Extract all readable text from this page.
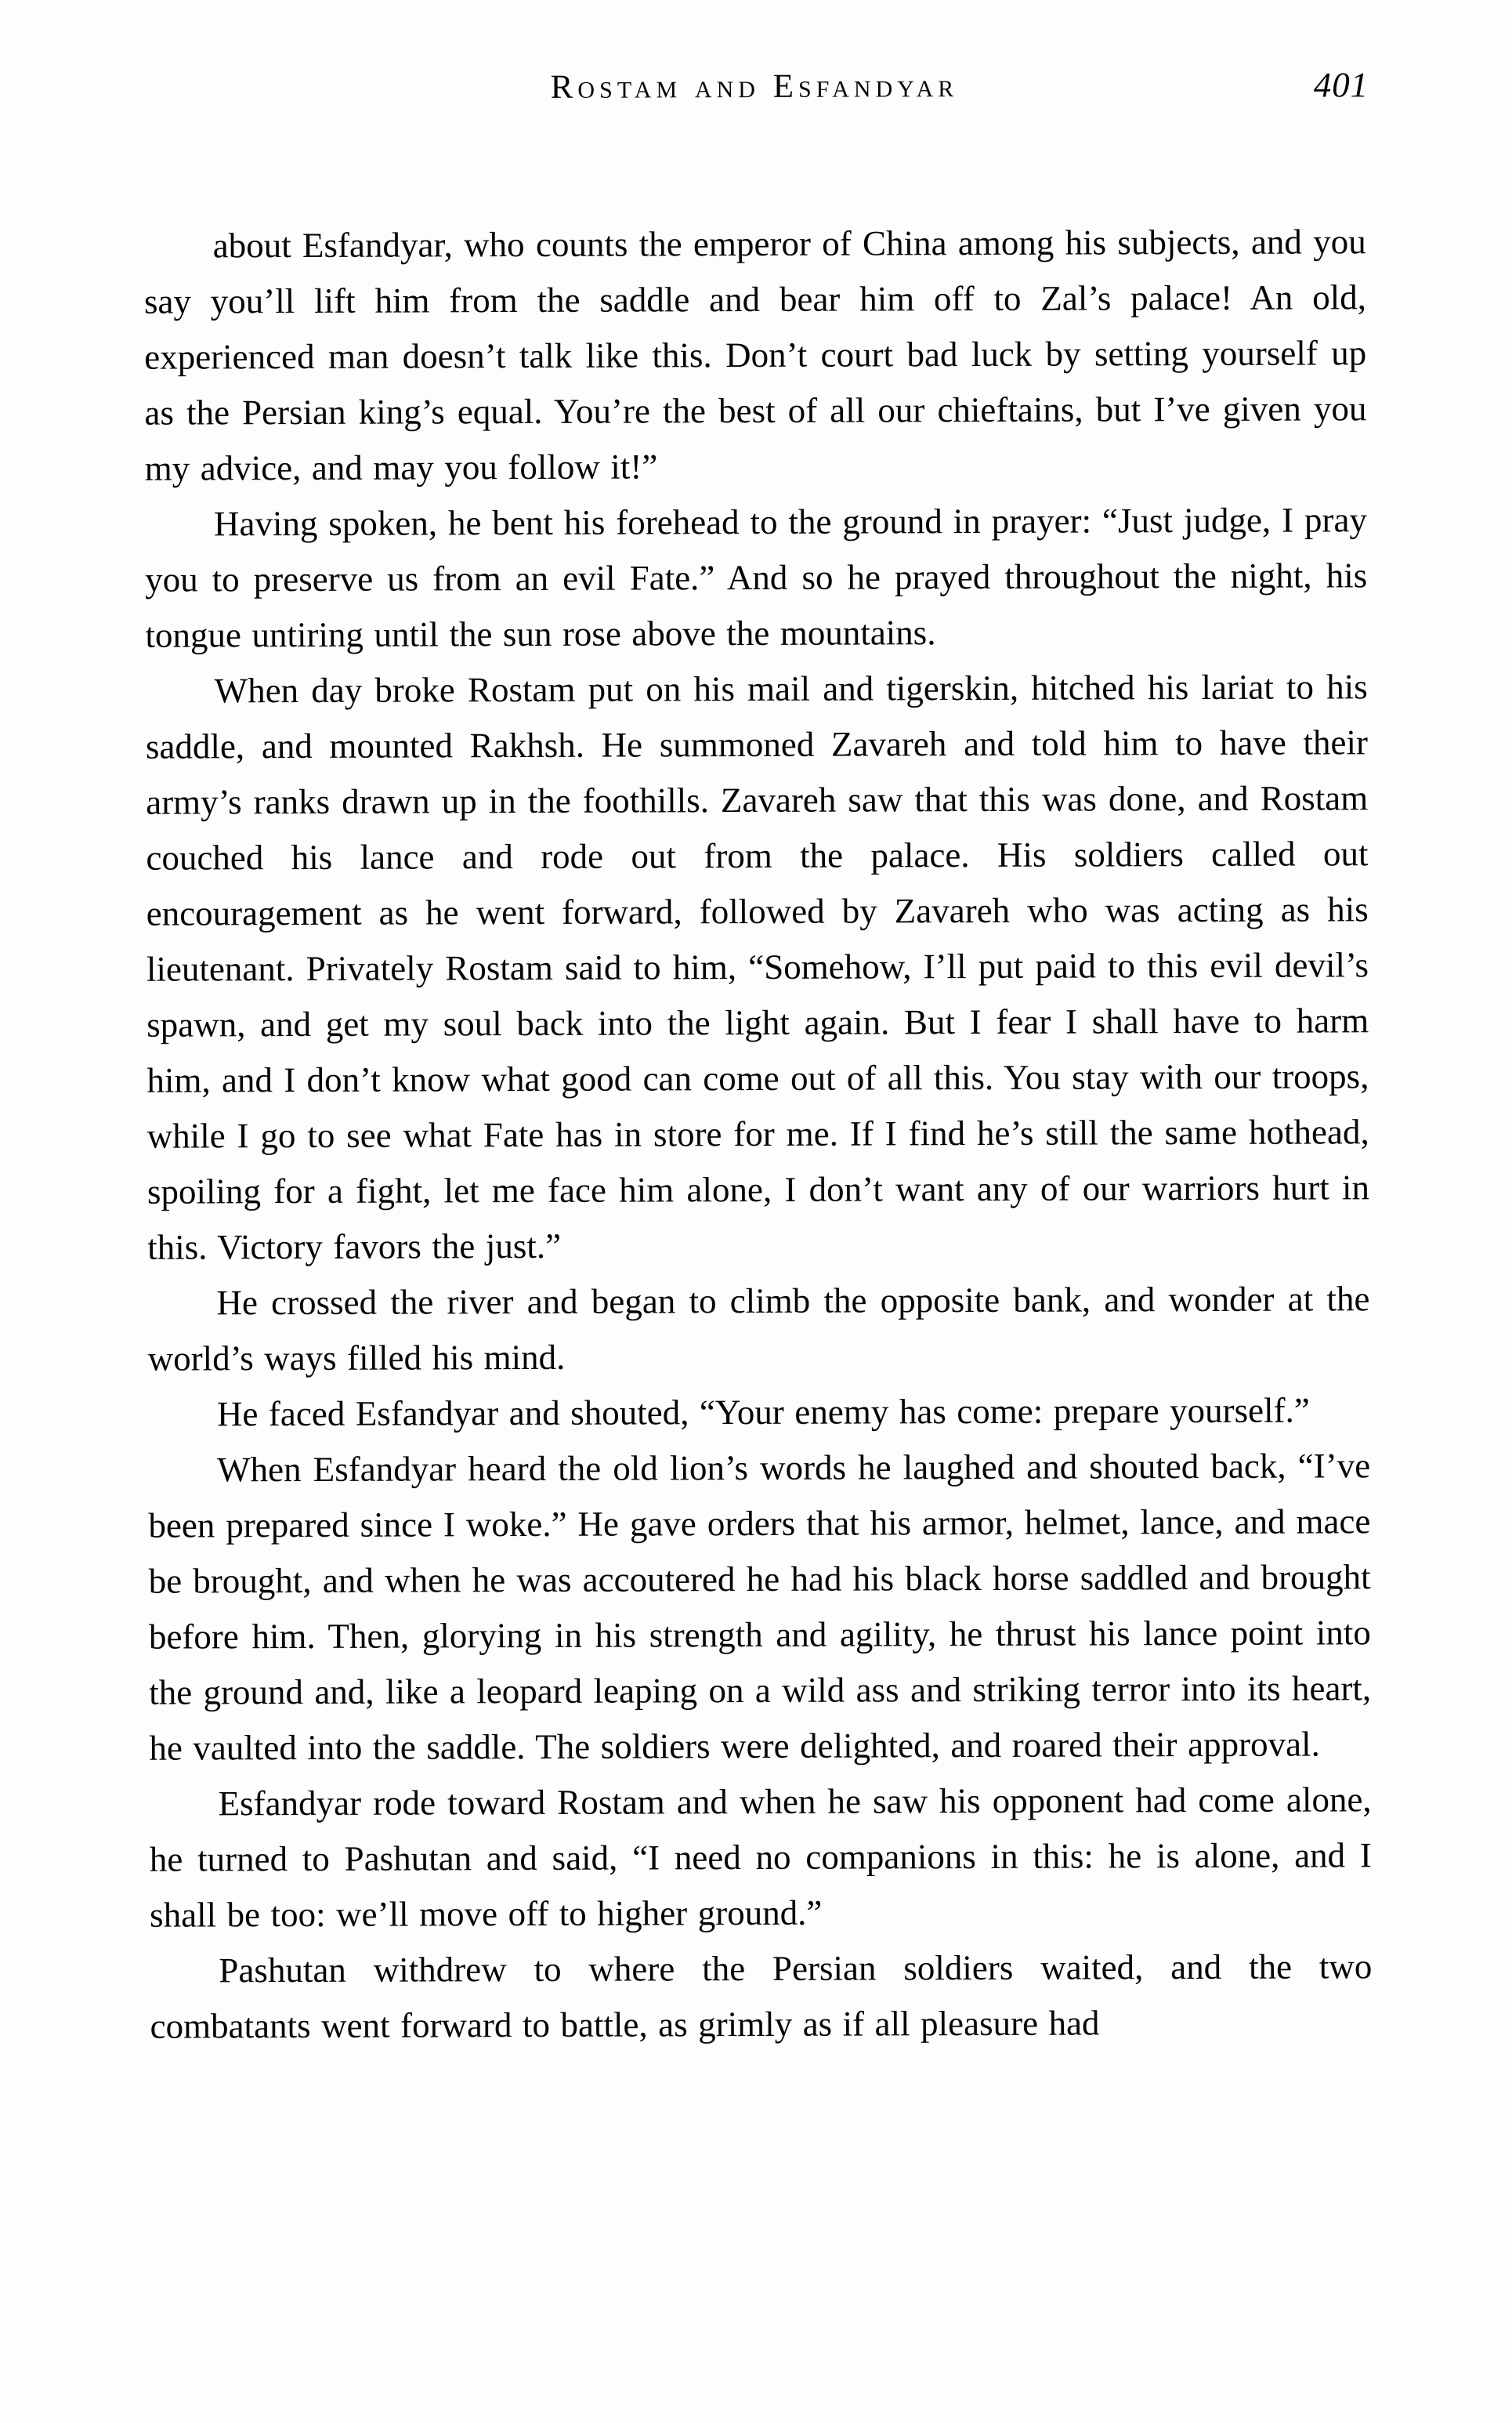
Rostam and Esfandyar	401

about Esfandyar, who counts the emperor of China among his subjects, and you say you’ll lift him from the saddle and bear him off to Zal’s palace! An old, experienced man doesn’t talk like this. Don’t court bad luck by setting yourself up as the Persian king’s equal. You’re the best of all our chieftains, but I’ve given you my advice, and may you follow it!”

Having spoken, he bent his forehead to the ground in prayer: “Just judge, I pray you to preserve us from an evil Fate.” And so he prayed throughout the night, his tongue untiring until the sun rose above the mountains.

When day broke Rostam put on his mail and tigerskin, hitched his lariat to his saddle, and mounted Rakhsh. He summoned Zavareh and told him to have their army’s ranks drawn up in the foothills. Zavareh saw that this was done, and Rostam couched his lance and rode out from the palace. His soldiers called out encouragement as he went forward, followed by Zavareh who was acting as his lieutenant. Privately Rostam said to him, “Somehow, I’ll put paid to this evil devil’s spawn, and get my soul back into the light again. But I fear I shall have to harm him, and I don’t know what good can come out of all this. You stay with our troops, while I go to see what Fate has in store for me. If I find he’s still the same hothead, spoiling for a fight, let me face him alone, I don’t want any of our warriors hurt in this. Victory favors the just.”

He crossed the river and began to climb the opposite bank, and wonder at the world’s ways filled his mind.

He faced Esfandyar and shouted, “Your enemy has come: prepare yourself.”

When Esfandyar heard the old lion’s words he laughed and shouted back, “I’ve been prepared since I woke.” He gave orders that his armor, helmet, lance, and mace be brought, and when he was accoutered he had his black horse saddled and brought before him. Then, glorying in his strength and agility, he thrust his lance point into the ground and, like a leopard leaping on a wild ass and striking terror into its heart, he vaulted into the saddle. The soldiers were delighted, and roared their approval.

Esfandyar rode toward Rostam and when he saw his opponent had come alone, he turned to Pashutan and said, “I need no companions in this: he is alone, and I shall be too: we’ll move off to higher ground.”

Pashutan withdrew to where the Persian soldiers waited, and the two combatants went forward to battle, as grimly as if all pleasure had
